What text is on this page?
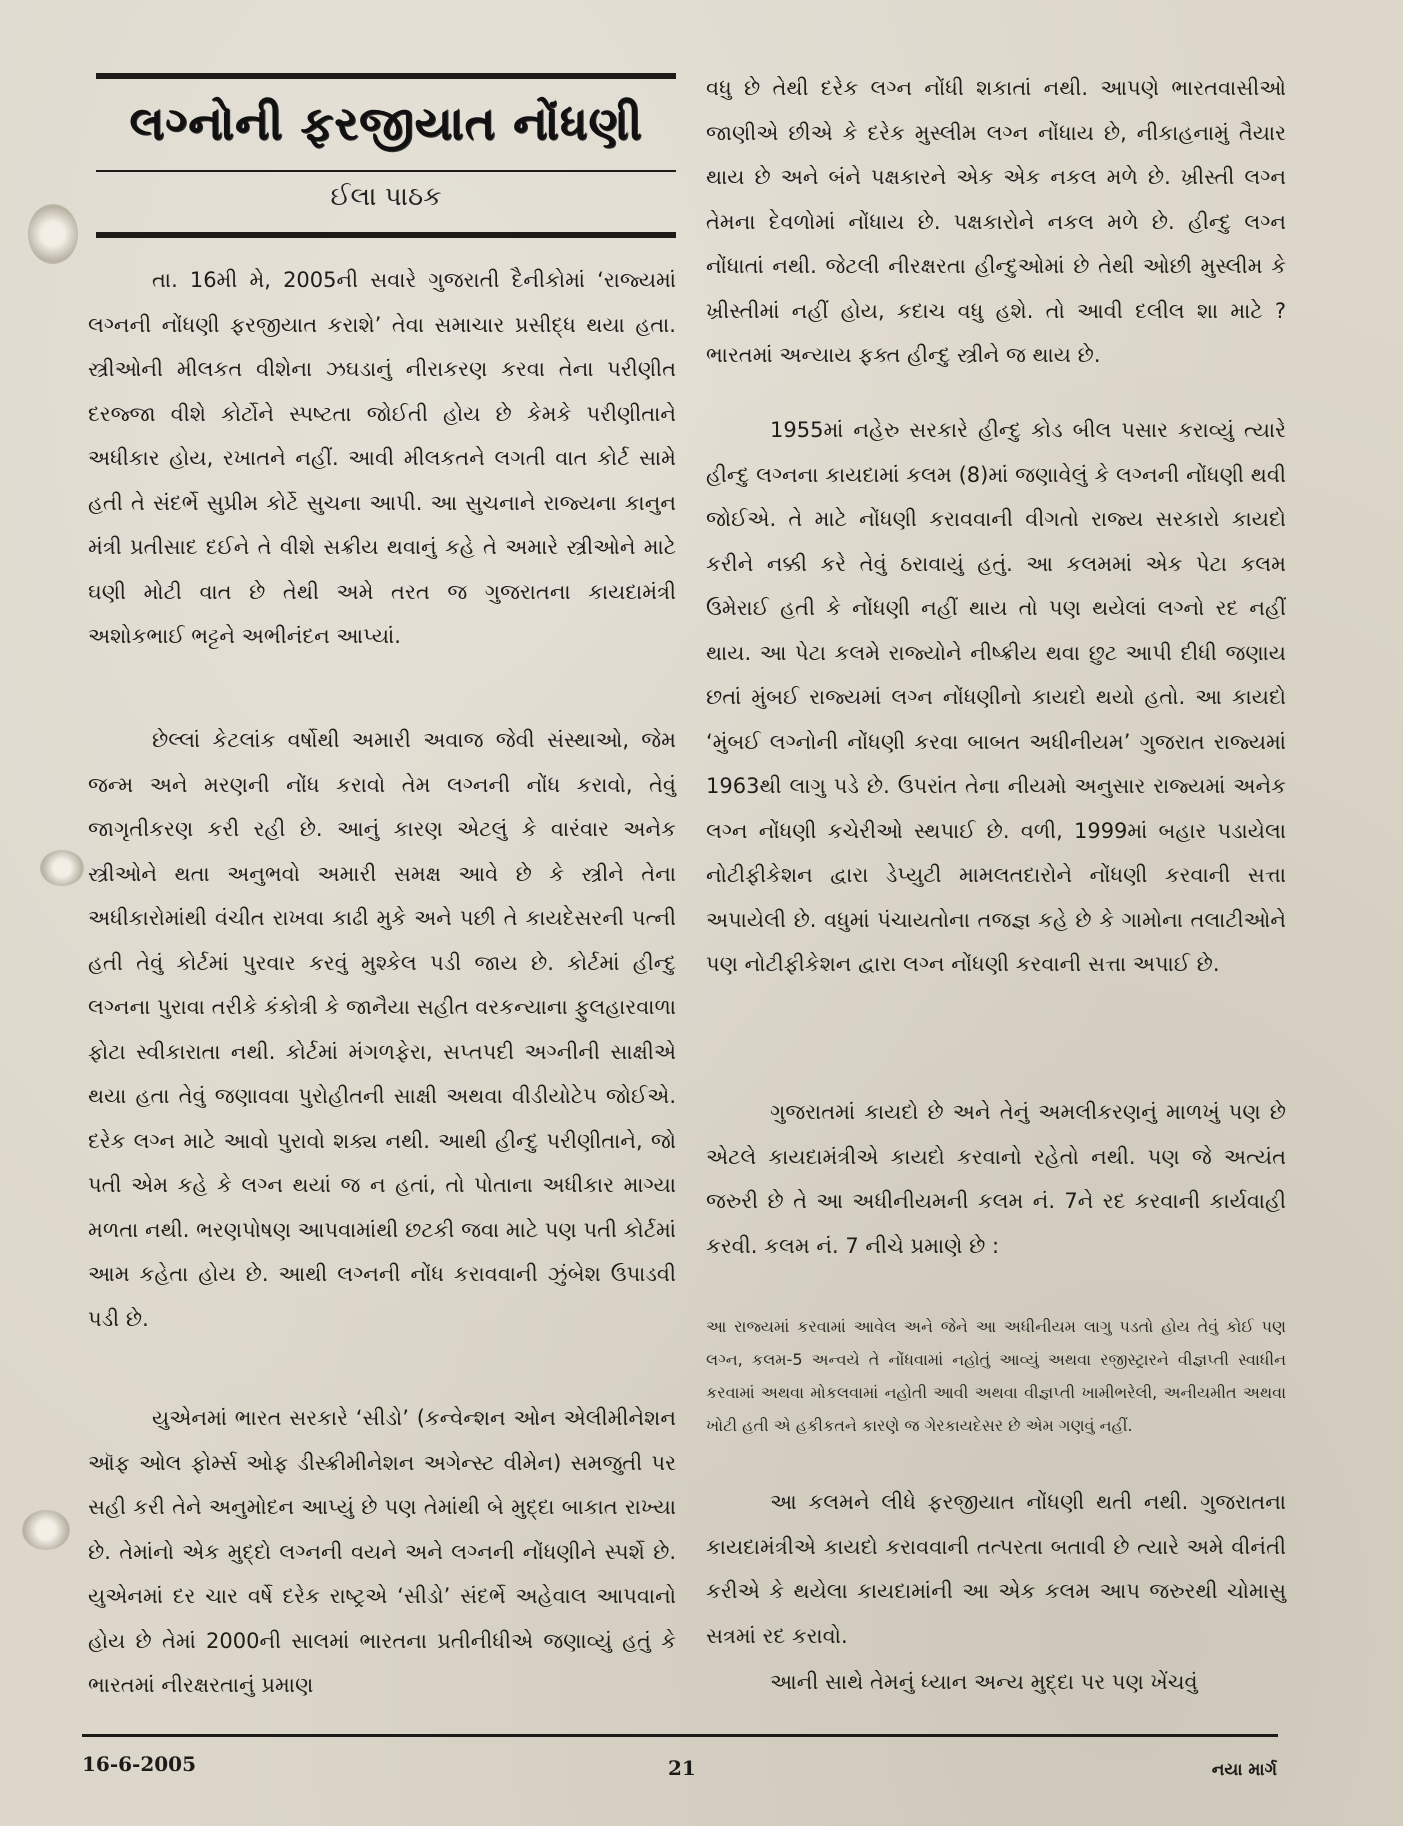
લગ્નોની ફરજીયાત નોંધણી
ઈલા પાઠક

તા. 16મી મે, 2005ની સવારે ગુજરાતી દૈનીકોમાં ‘રાજ્યમાં લગ્નની નોંધણી ફરજીયાત કરાશે’ તેવા સમાચાર પ્રસીદ્ધ થયા હતા. સ્ત્રીઓની મીલકત વીશેના ઝઘડાનું નીરાકરણ કરવા તેના પરીણીત દરજ્જા વીશે કોર્ટોને સ્પષ્ટતા જોઈતી હોય છે કેમકે પરીણીતાને અધીકાર હોય, રખાતને નહીં. આવી મીલકતને લગતી વાત કોર્ટ સામે હતી તે સંદર્ભે સુપ્રીમ કોર્ટે સુચના આપી. આ સુચનાને રાજ્યના કાનુન મંત્રી પ્રતીસાદ દઈને તે વીશે સક્રીય થવાનું કહે તે અમારે સ્ત્રીઓને માટે ઘણી મોટી વાત છે તેથી અમે તરત જ ગુજરાતના કાયદામંત્રી અશોકભાઈ ભટ્ટને અભીનંદન આપ્યાં.

છેલ્લાં કેટલાંક વર્ષોથી અમારી અવાજ જેવી સંસ્થાઓ, જેમ જન્મ અને મરણની નોંધ કરાવો તેમ લગ્નની નોંધ કરાવો, તેવું જાગૃતીકરણ કરી રહી છે. આનું કારણ એટલું કે વારંવાર અનેક સ્ત્રીઓને થતા અનુભવો અમારી સમક્ષ આવે છે કે સ્ત્રીને તેના અધીકારોમાંથી વંચીત રાખવા કાઢી મુકે અને પછી તે કાયદેસરની પત્ની હતી તેવું કોર્ટમાં પુરવાર કરવું મુશ્કેલ પડી જાય છે. કોર્ટમાં હીન્દુ લગ્નના પુરાવા તરીકે કંકોત્રી કે જાનૈયા સહીત વરકન્યાના ફુલહારવાળા ફોટા સ્વીકારાતા નથી. કોર્ટમાં મંગળફેરા, સપ્તપદી અગ્નીની સાક્ષીએ થયા હતા તેવું જણાવવા પુરોહીતની સાક્ષી અથવા વીડીયોટેપ જોઈએ. દરેક લગ્ન માટે આવો પુરાવો શક્ય નથી. આથી હીન્દુ પરીણીતાને, જો પતી એમ કહે કે લગ્ન થયાં જ ન હતાં, તો પોતાના અધીકાર માગ્યા મળતા નથી. ભરણપોષણ આપવામાંથી છટકી જવા માટે પણ પતી કોર્ટમાં આમ કહેતા હોય છે. આથી લગ્નની નોંધ કરાવવાની ઝુંબેશ ઉપાડવી પડી છે.

યુએનમાં ભારત સરકારે ‘સીડો’ (કન્વેન્શન ઓન એલીમીનેશન ઑફ ઓલ ફોર્મ્સ ઓફ ડીસ્ક્રીમીનેશન અગેન્સ્ટ વીમેન) સમજુતી પર સહી કરી તેને અનુમોદન આપ્યું છે પણ તેમાંથી બે મુદ્દા બાકાત રાખ્યા છે. તેમાંનો એક મુદ્દો લગ્નની વયને અને લગ્નની નોંધણીને સ્પર્શે છે. યુએનમાં દર ચાર વર્ષે દરેક રાષ્ટ્રએ ‘સીડો’ સંદર્ભે અહેવાલ આપવાનો હોય છે તેમાં 2000ની સાલમાં ભારતના પ્રતીનીધીએ જણાવ્યું હતું કે ભારતમાં નીરક્ષરતાનું પ્રમાણ

વધુ છે તેથી દરેક લગ્ન નોંધી શકાતાં નથી. આપણે ભારતવાસીઓ જાણીએ છીએ કે દરેક મુસ્લીમ લગ્ન નોંધાય છે, નીકાહનામું તૈયાર થાય છે અને બંને પક્ષકારને એક એક નકલ મળે છે. ખ્રીસ્તી લગ્ન તેમના દેવળોમાં નોંધાય છે. પક્ષકારોને નકલ મળે છે. હીન્દુ લગ્ન નોંધાતાં નથી. જેટલી નીરક્ષરતા હીન્દુઓમાં છે તેથી ઓછી મુસ્લીમ કે ખ્રીસ્તીમાં નહીં હોય, કદાચ વધુ હશે. તો આવી દલીલ શા માટે ? ભારતમાં અન્યાય ફક્ત હીન્દુ સ્ત્રીને જ થાય છે.

1955માં નહેરુ સરકારે હીન્દુ કોડ બીલ પસાર કરાવ્યું ત્યારે હીન્દુ લગ્નના કાયદામાં કલમ (8)માં જણાવેલું કે લગ્નની નોંધણી થવી જોઈએ. તે માટે નોંધણી કરાવવાની વીગતો રાજ્ય સરકારો કાયદો કરીને નક્કી કરે તેવું ઠરાવાયું હતું. આ કલમમાં એક પેટા કલમ ઉમેરાઈ હતી કે નોંધણી નહીં થાય તો પણ થયેલાં લગ્નો રદ નહીં થાય. આ પેટા કલમે રાજ્યોને નીષ્ક્રીય થવા છુટ આપી દીધી જણાય છતાં મુંબઈ રાજ્યમાં લગ્ન નોંધણીનો કાયદો થયો હતો. આ કાયદો ‘મુંબઈ લગ્નોની નોંધણી કરવા બાબત અધીનીયમ’ ગુજરાત રાજ્યમાં 1963થી લાગુ પડે છે. ઉપરાંત તેના નીયમો અનુસાર રાજ્યમાં અનેક લગ્ન નોંધણી કચેરીઓ સ્થપાઈ છે. વળી, 1999માં બહાર પડાયેલા નોટીફીકેશન દ્વારા ડેપ્યુટી મામલતદારોને નોંધણી કરવાની સત્તા અપાયેલી છે. વધુમાં પંચાયતોના તજજ્ઞ કહે છે કે ગામોના તલાટીઓને પણ નોટીફીકેશન દ્વારા લગ્ન નોંધણી કરવાની સત્તા અપાઈ છે.

ગુજરાતમાં કાયદો છે અને તેનું અમલીકરણનું માળખું પણ છે એટલે કાયદામંત્રીએ કાયદો કરવાનો રહેતો નથી. પણ જે અત્યંત જરુરી છે તે આ અધીનીયમની કલમ નં. 7ને રદ કરવાની કાર્યવાહી કરવી. કલમ નં. 7 નીચે પ્રમાણે છે :

આ રાજ્યમાં કરવામાં આવેલ અને જેને આ અધીનીયમ લાગુ પડતો હોય તેવું કોઈ પણ લગ્ન, કલમ-5 અન્વયે તે નોંધવામાં નહોતું આવ્યું અથવા રજીસ્ટ્રારને વીજ્ઞપ્તી સ્વાધીન કરવામાં અથવા મોકલવામાં નહોતી આવી અથવા વીજ્ઞપ્તી ખામીભરેલી, અનીયમીત અથવા ખોટી હતી એ હકીકતને કારણે જ ગેરકાયદેસર છે એમ ગણવું નહીં.

આ કલમને લીધે ફરજીયાત નોંધણી થતી નથી. ગુજરાતના કાયદામંત્રીએ કાયદો કરાવવાની તત્પરતા બતાવી છે ત્યારે અમે વીનંતી કરીએ કે થયેલા કાયદામાંની આ એક કલમ આપ જરુરથી ચોમાસુ સત્રમાં રદ કરાવો.

આની સાથે તેમનું ધ્યાન અન્ય મુદ્દા પર પણ ખેંચવું

16-6-2005	21	નયા માર્ગ
